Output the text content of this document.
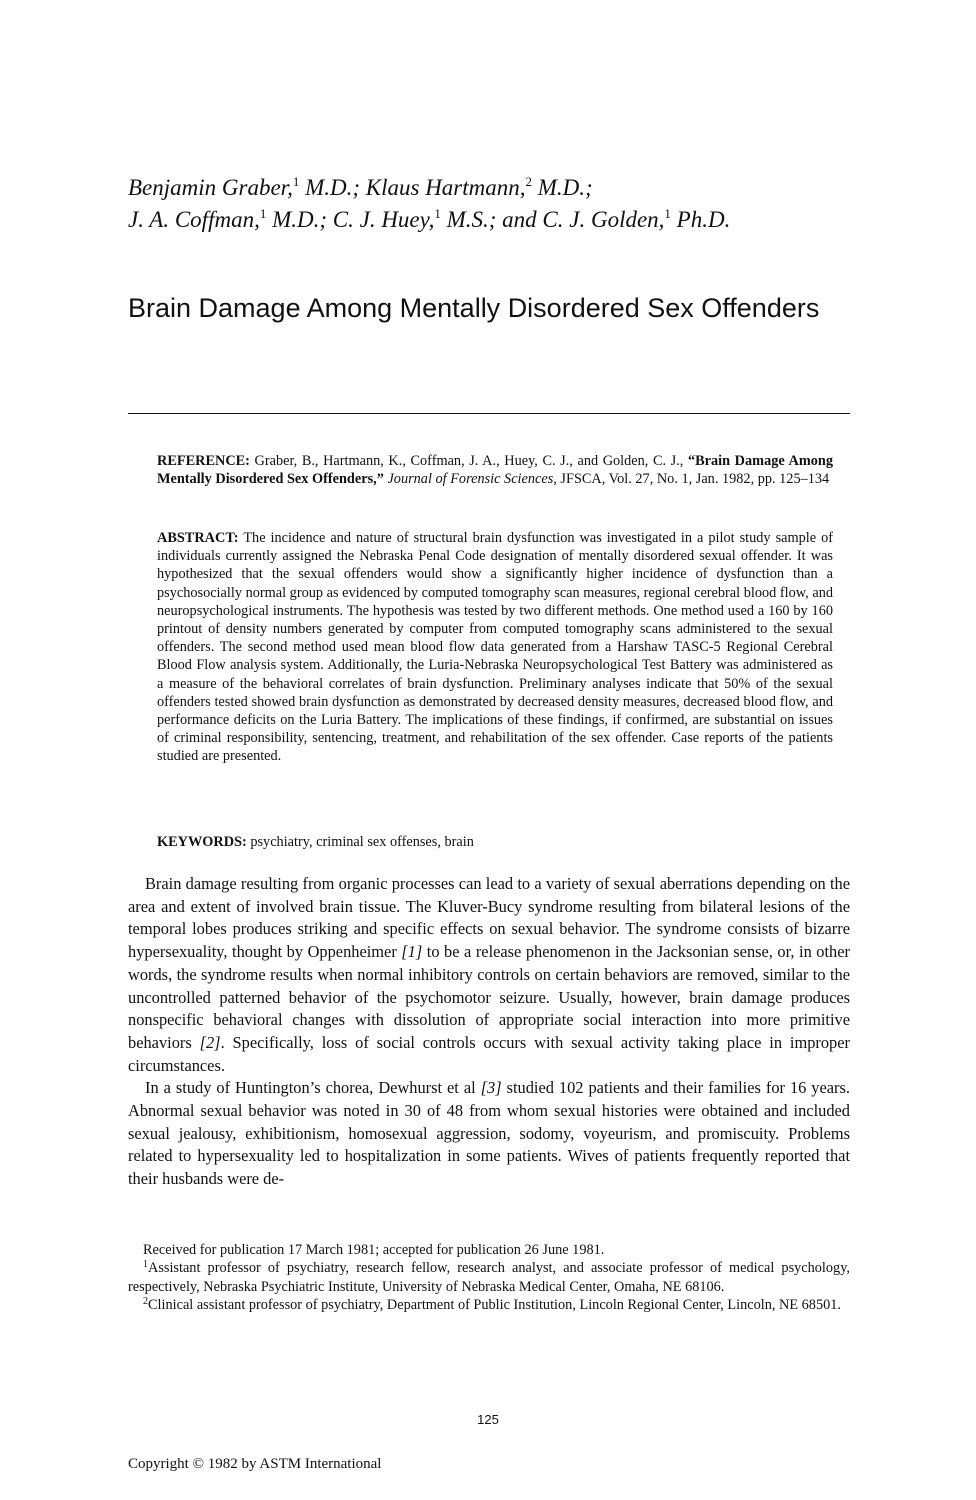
Benjamin Graber,$^1$ M.D.; Klaus Hartmann,$^2$ M.D.;
J. A. Coffman,$^1$ M.D.; C. J. Huey,$^1$ M.S.; and C. J. Golden,$^1$ Ph.D.
Brain Damage Among Mentally Disordered Sex Offenders

REFERENCE: Graber, B., Hartmann, K., Coffman, J. A., Huey, C. J., and Golden, C. J., “Brain Damage Among Mentally Disordered Sex Offenders,” Journal of Forensic Sciences, JFSCA, Vol. 27, No. 1, Jan. 1982, pp. 125–134

ABSTRACT: The incidence and nature of structural brain dysfunction was investigated in a pilot study sample of individuals currently assigned the Nebraska Penal Code designation of mentally disordered sexual offender. It was hypothesized that the sexual offenders would show a significantly higher incidence of dysfunction than a psychosocially normal group as evidenced by computed tomography scan measures, regional cerebral blood flow, and neuropsychological instruments. The hypothesis was tested by two different methods. One method used a 160 by 160 printout of density numbers generated by computer from computed tomography scans administered to the sexual offenders. The second method used mean blood flow data generated from a Harshaw TASC-5 Regional Cerebral Blood Flow analysis system. Additionally, the Luria-Nebraska Neuropsychological Test Battery was administered as a measure of the behavioral correlates of brain dysfunction. Preliminary analyses indicate that 50% of the sexual offenders tested showed brain dysfunction as demonstrated by decreased density measures, decreased blood flow, and performance deficits on the Luria Battery. The implications of these findings, if confirmed, are substantial on issues of criminal responsibility, sentencing, treatment, and rehabilitation of the sex offender. Case reports of the patients studied are presented.

KEYWORDS: psychiatry, criminal sex offenses, brain

Brain damage resulting from organic processes can lead to a variety of sexual aberrations depending on the area and extent of involved brain tissue. The Kluver-Bucy syndrome resulting from bilateral lesions of the temporal lobes produces striking and specific effects on sexual behavior. The syndrome consists of bizarre hypersexuality, thought by Oppenheimer [1] to be a release phenomenon in the Jacksonian sense, or, in other words, the syndrome results when normal inhibitory controls on certain behaviors are removed, similar to the uncontrolled patterned behavior of the psychomotor seizure. Usually, however, brain damage produces nonspecific behavioral changes with dissolution of appropriate social interaction into more primitive behaviors [2]. Specifically, loss of social controls occurs with sexual activity taking place in improper circumstances.

In a study of Huntington’s chorea, Dewhurst et al [3] studied 102 patients and their families for 16 years. Abnormal sexual behavior was noted in 30 of 48 from whom sexual histories were obtained and included sexual jealousy, exhibitionism, homosexual aggression, sodomy, voyeurism, and promiscuity. Problems related to hypersexuality led to hospitalization in some patients. Wives of patients frequently reported that their husbands were de-

Received for publication 17 March 1981; accepted for publication 26 June 1981.

$^1$Assistant professor of psychiatry, research fellow, research analyst, and associate professor of medical psychology, respectively, Nebraska Psychiatric Institute, University of Nebraska Medical Center, Omaha, NE 68106.

$^2$Clinical assistant professor of psychiatry, Department of Public Institution, Lincoln Regional Center, Lincoln, NE 68501.

125
Copyright © 1982 by ASTM International
